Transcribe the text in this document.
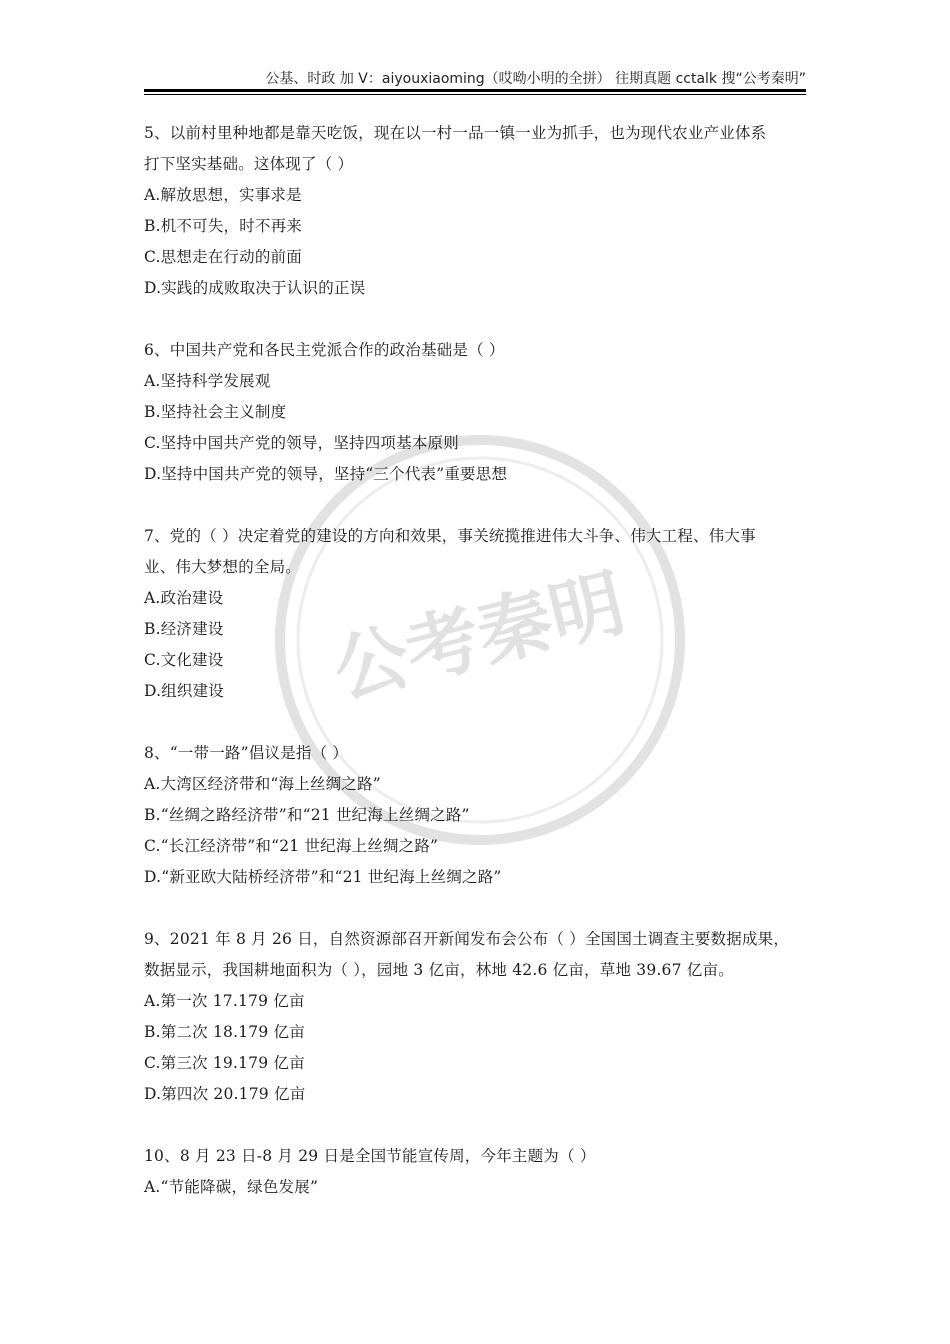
公基、时政 加 V：aiyouxiaoming（哎呦小明的全拼） 往期真题 cctalk 搜“公考秦明”
公考秦明
5、以前村里种地都是靠天吃饭，现在以一村一品一镇一业为抓手，也为现代农业产业体系
打下坚实基础。这体现了（ ）
A.解放思想，实事求是
B.机不可失，时不再来
C.思想走在行动的前面
D.实践的成败取决于认识的正误
6、中国共产党和各民主党派合作的政治基础是（ ）
A.坚持科学发展观
B.坚持社会主义制度
C.坚持中国共产党的领导，坚持四项基本原则
D.坚持中国共产党的领导，坚持“三个代表”重要思想
7、党的（ ）决定着党的建设的方向和效果，事关统揽推进伟大斗争、伟大工程、伟大事
业、伟大梦想的全局。
A.政治建设
B.经济建设
C.文化建设
D.组织建设
8、“一带一路”倡议是指（ ）
A.大湾区经济带和“海上丝绸之路”
B.“丝绸之路经济带”和“21 世纪海上丝绸之路”
C.“长江经济带”和“21 世纪海上丝绸之路”
D.“新亚欧大陆桥经济带”和“21 世纪海上丝绸之路”
9、2021 年 8 月 26 日，自然资源部召开新闻发布会公布（ ）全国国土调查主要数据成果，
数据显示，我国耕地面积为（ ），园地 3 亿亩，林地 42.6 亿亩，草地 39.67 亿亩。
A.第一次 17.179 亿亩
B.第二次 18.179 亿亩
C.第三次 19.179 亿亩
D.第四次 20.179 亿亩
10、8 月 23 日-8 月 29 日是全国节能宣传周，今年主题为（ ）
A.“节能降碳，绿色发展”
